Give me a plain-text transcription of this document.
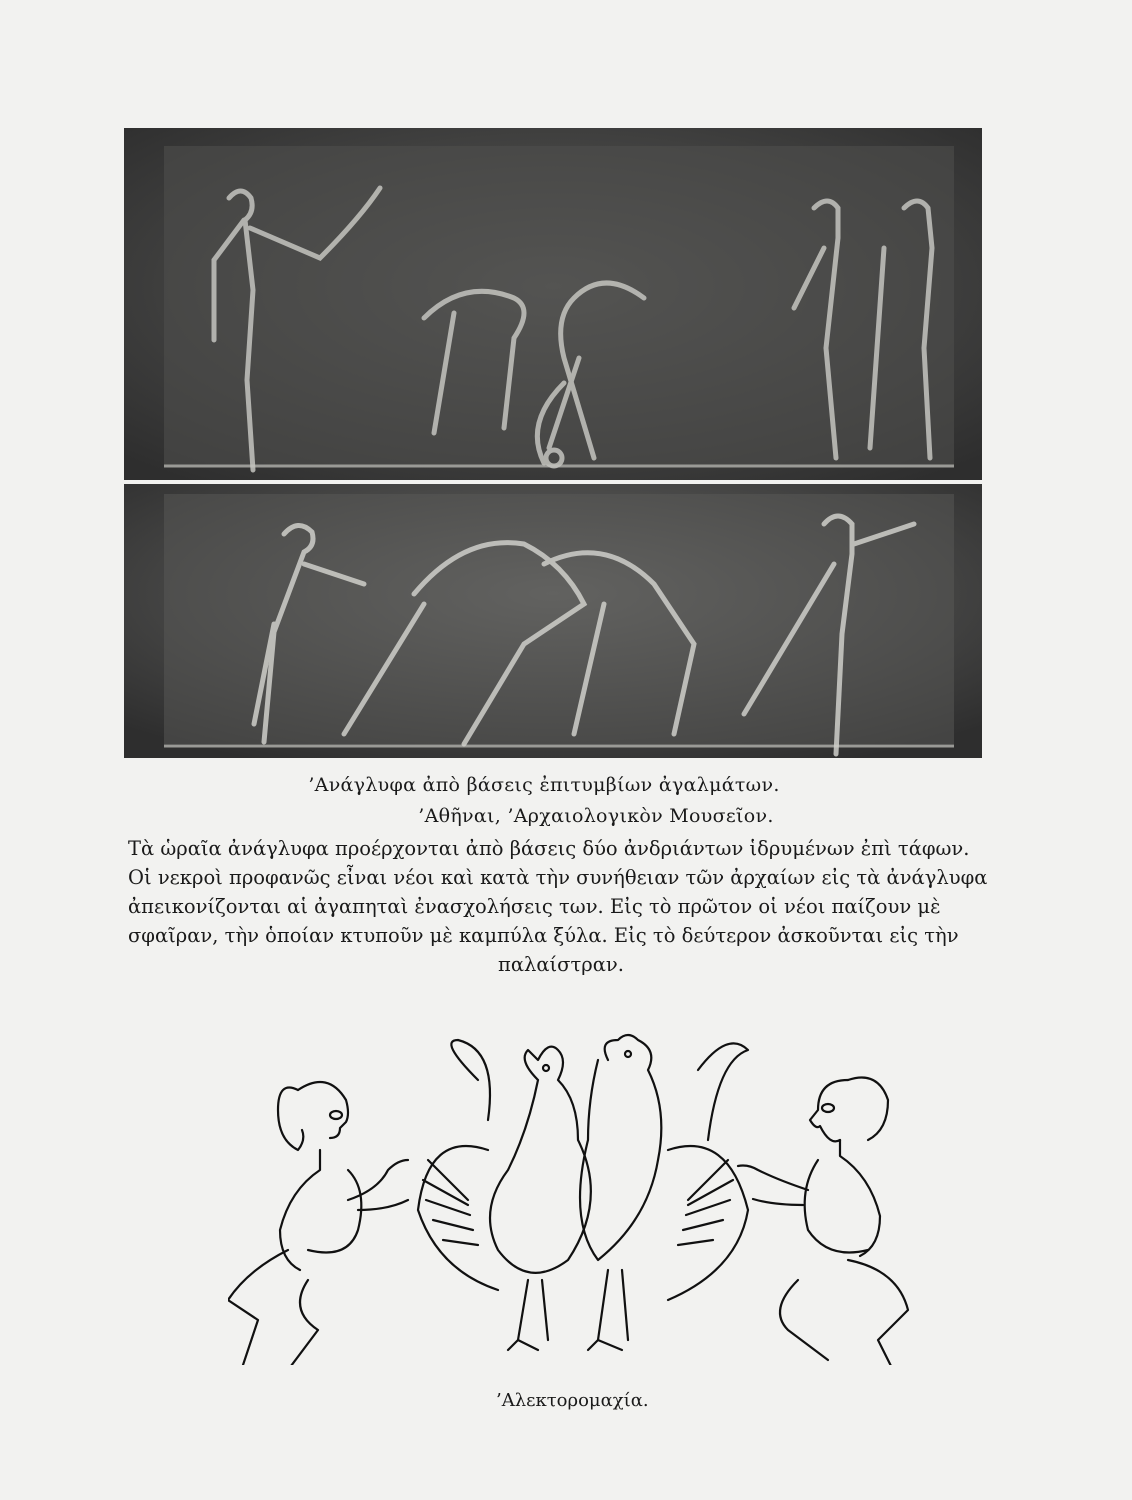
’Ανάγλυφα ἀπὸ βάσεις ἐπιτυμβίων ἀγαλμάτων.
’Αθῆναι, ’Αρχαιολογικὸν Μουσεῖον.
Τὰ ὡραῖα ἀνάγλυφα προέρχονται ἀπὸ βάσεις δύο ἀνδριάντων ἱδρυμένων ἐπὶ τάφων.
Οἱ νεκροὶ προφανῶς εἶναι νέοι καὶ κατὰ τὴν συνήθειαν τῶν ἀρχαίων εἰς τὰ ἀνάγλυφα
ἀπεικονίζονται αἱ ἀγαπηταὶ ἐνασχολήσεις των. Εἰς τὸ πρῶτον οἱ νέοι παίζουν μὲ
σφαῖραν, τὴν ὁποίαν κτυποῦν μὲ καμπύλα ξύλα. Εἰς τὸ δεύτερον ἀσκοῦνται εἰς τὴν
παλαίστραν.
’Αλεκτορομαχία.
